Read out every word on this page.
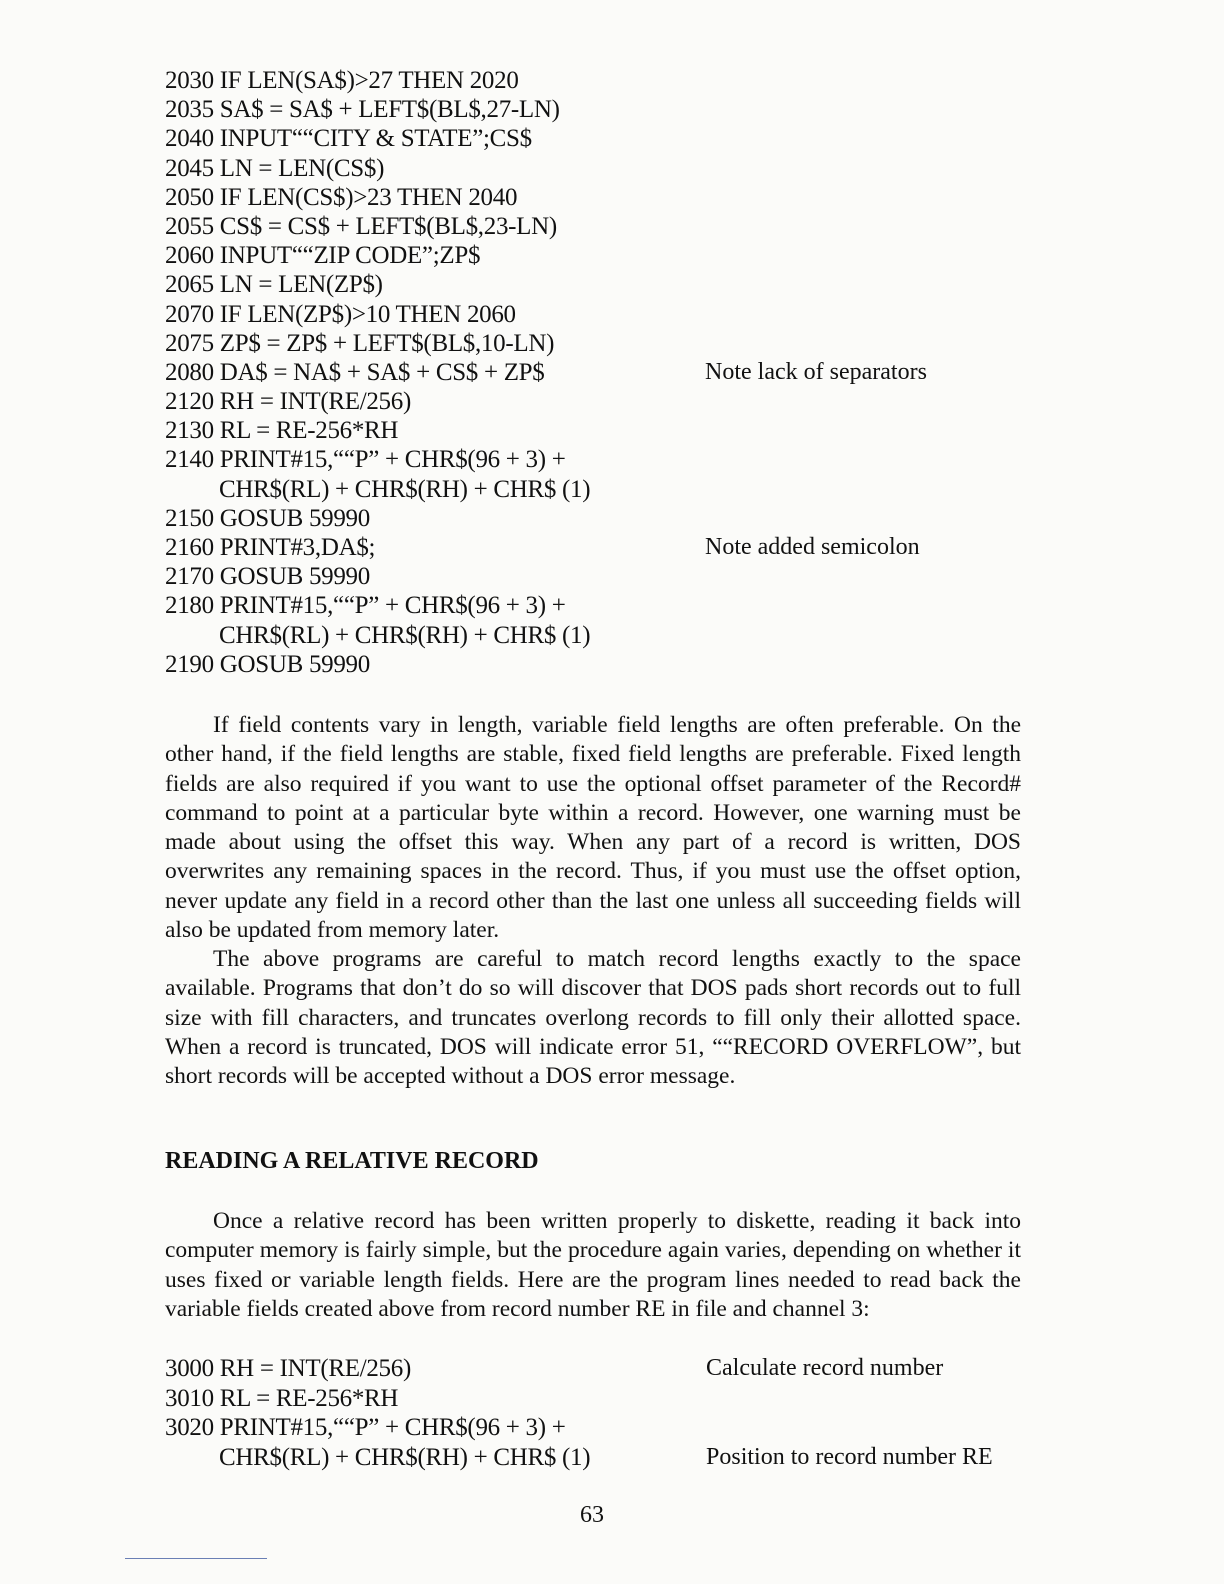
2030 IF LEN(SA$)>27 THEN 2020
2035 SA$ = SA$ + LEFT$(BL$,27-LN)
2040 INPUT““CITY & STATE”;CS$
2045 LN = LEN(CS$)
2050 IF LEN(CS$)>23 THEN 2040
2055 CS$ = CS$ + LEFT$(BL$,23-LN)
2060 INPUT““ZIP CODE”;ZP$
2065 LN = LEN(ZP$)
2070 IF LEN(ZP$)>10 THEN 2060
2075 ZP$ = ZP$ + LEFT$(BL$,10-LN)
2080 DA$ = NA$ + SA$ + CS$ + ZP$	Note lack of separators
2120 RH = INT(RE/256)
2130 RL = RE-256*RH
2140 PRINT#15,““P” + CHR$(96 + 3) +
CHR$(RL) + CHR$(RH) + CHR$ (1)
2150 GOSUB 59990
2160 PRINT#3,DA$;	Note added semicolon
2170 GOSUB 59990
2180 PRINT#15,““P” + CHR$(96 + 3) +
CHR$(RL) + CHR$(RH) + CHR$ (1)
2190 GOSUB 59990

If field contents vary in length, variable field lengths are often preferable. On the other hand, if the field lengths are stable, fixed field lengths are preferable. Fixed length fields are also required if you want to use the optional offset parameter of the Record# command to point at a particular byte within a record. However, one warning must be made about using the offset this way. When any part of a record is written, DOS overwrites any remaining spaces in the record. Thus, if you must use the offset option, never update any field in a record other than the last one unless all succeeding fields will also be updated from memory later.

The above programs are careful to match record lengths exactly to the space available. Programs that don’t do so will discover that DOS pads short records out to full size with fill characters, and truncates overlong records to fill only their allotted space. When a record is truncated, DOS will indicate error 51, ““RECORD OVERFLOW”, but short records will be accepted without a DOS error message.

READING A RELATIVE RECORD

Once a relative record has been written properly to diskette, reading it back into computer memory is fairly simple, but the procedure again varies, depending on whether it uses fixed or variable length fields. Here are the program lines needed to read back the variable fields created above from record number RE in file and channel 3:

3000 RH = INT(RE/256)	Calculate record number
3010 RL = RE-256*RH
3020 PRINT#15,““P” + CHR$(96 + 3) +
CHR$(RL) + CHR$(RH) + CHR$ (1)	Position to record number RE
63
